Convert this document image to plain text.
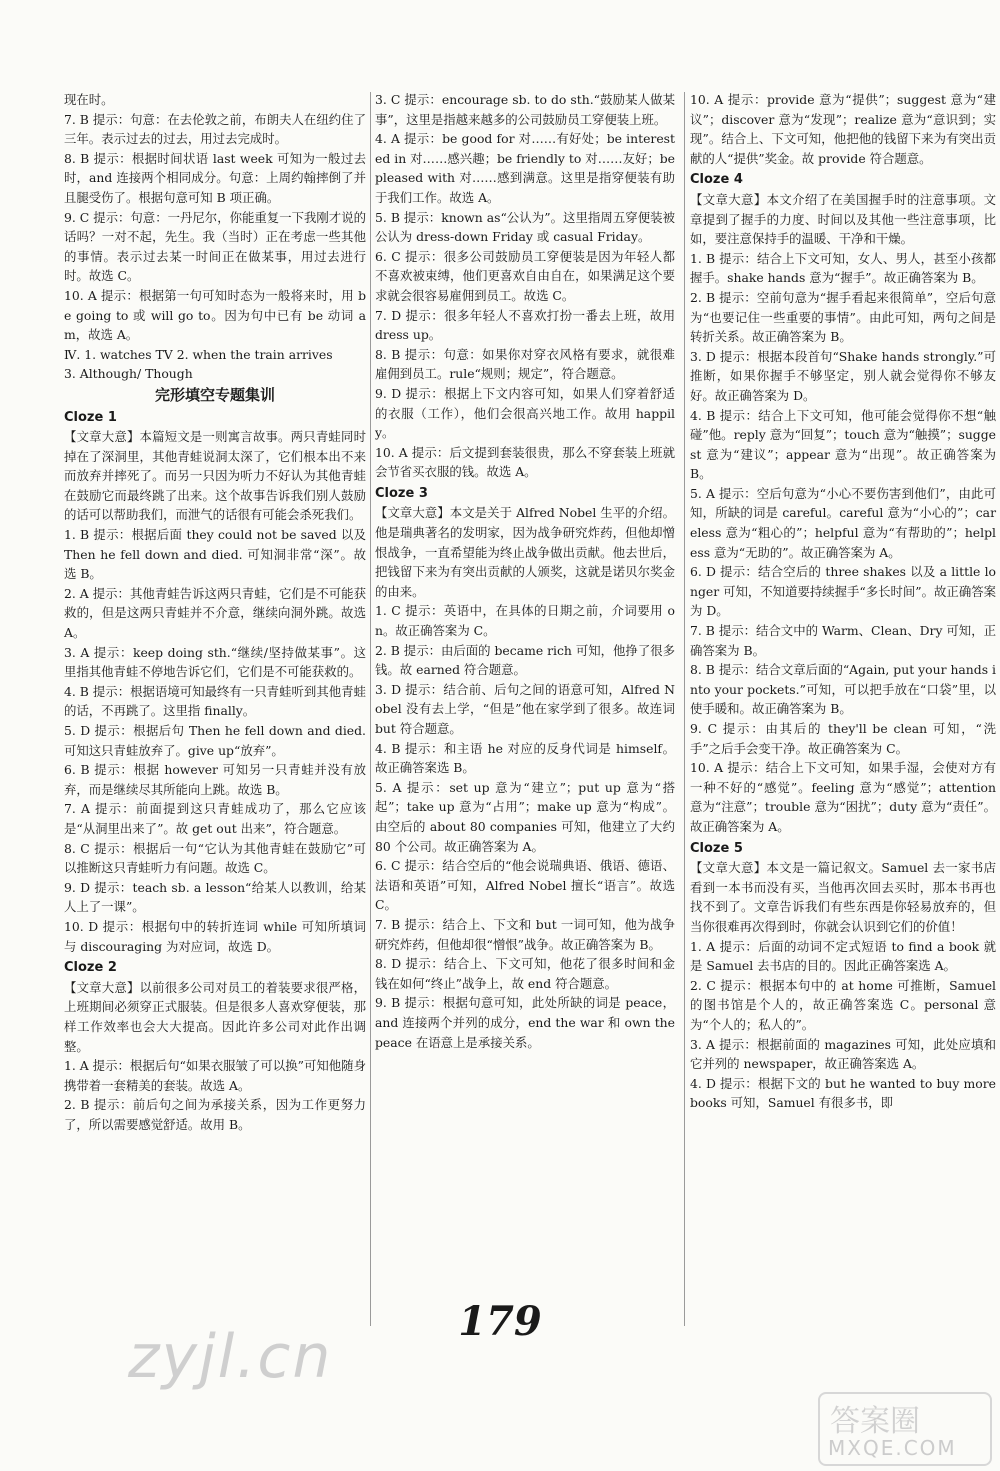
现在时。

7. B 提示：句意：在去伦敦之前，布朗夫人在纽约住了三年。表示过去的过去，用过去完成时。

8. B 提示：根据时间状语 last week 可知为一般过去时，and 连接两个相同成分。句意：上周约翰摔倒了并且腿受伤了。根据句意可知 B 项正确。

9. C 提示：句意：一丹尼尔，你能重复一下我刚才说的话吗？一对不起，先生。我（当时）正在考虑一些其他的事情。表示过去某一时间正在做某事，用过去进行时。故选 C。

10. A 提示：根据第一句可知时态为一般将来时，用 be going to 或 will go to。因为句中已有 be 动词 am，故选 A。

Ⅳ. 1. watches TV 2. when the train arrives

3. Although/ Though

完形填空专题集训
Cloze 1

【文章大意】本篇短文是一则寓言故事。两只青蛙同时掉在了深洞里，其他青蛙说洞太深了，它们根本出不来而放弃并摔死了。而另一只因为听力不好认为其他青蛙在鼓励它而最终跳了出来。这个故事告诉我们别人鼓励的话可以帮助我们，而泄气的话很有可能会杀死我们。

1. B 提示：根据后面 they could not be saved 以及 Then he fell down and died. 可知洞非常“深”。故选 B。

2. A 提示：其他青蛙告诉这两只青蛙，它们是不可能获救的，但是这两只青蛙并不介意，继续向洞外跳。故选 A。

3. A 提示：keep doing sth.“继续/坚持做某事”。这里指其他青蛙不停地告诉它们，它们是不可能获救的。

4. B 提示：根据语境可知最终有一只青蛙听到其他青蛙的话，不再跳了。这里指 finally。

5. D 提示：根据后句 Then he fell down and died. 可知这只青蛙放弃了。give up“放弃”。

6. B 提示：根据 however 可知另一只青蛙并没有放弃，而是继续尽其所能向上跳。故选 B。

7. A 提示：前面提到这只青蛙成功了，那么它应该是“从洞里出来了”。故 get out 出来”，符合题意。

8. C 提示：根据后一句“它认为其他青蛙在鼓励它”可以推断这只青蛙听力有问题。故选 C。

9. D 提示：teach sb. a lesson“给某人以教训，给某人上了一课”。

10. D 提示：根据句中的转折连词 while 可知所填词与 discouraging 为对应词，故选 D。

Cloze 2

【文章大意】以前很多公司对员工的着装要求很严格，上班期间必须穿正式服装。但是很多人喜欢穿便装，那样工作效率也会大大提高。因此许多公司对此作出调整。

1. A 提示：根据后句“如果衣服皱了可以换”可知他随身携带着一套精美的套装。故选 A。

2. B 提示：前后句之间为承接关系，因为工作更努力了，所以需要感觉舒适。故用 B。

3. C 提示：encourage sb. to do sth.“鼓励某人做某事”，这里是指越来越多的公司鼓励员工穿便装上班。

4. A 提示：be good for 对……有好处；be interested in 对……感兴趣；be friendly to 对……友好；be pleased with 对……感到满意。这里是指穿便装有助于我们工作。故选 A。

5. B 提示：known as“公认为”。这里指周五穿便装被公认为 dress-down Friday 或 casual Friday。

6. C 提示：很多公司鼓励员工穿便装是因为年轻人都不喜欢被束缚，他们更喜欢自由自在，如果满足这个要求就会很容易雇佣到员工。故选 C。

7. D 提示：很多年轻人不喜欢打扮一番去上班，故用 dress up。

8. B 提示：句意：如果你对穿衣风格有要求，就很难雇佣到员工。rule“规则；规定”，符合题意。

9. D 提示：根据上下文内容可知，如果人们穿着舒适的衣服（工作），他们会很高兴地工作。故用 happily。

10. A 提示：后文提到套装很贵，那么不穿套装上班就会节省买衣服的钱。故选 A。

Cloze 3

【文章大意】本文是关于 Alfred Nobel 生平的介绍。他是瑞典著名的发明家，因为战争研究炸药，但他却憎恨战争，一直希望能为终止战争做出贡献。他去世后，把钱留下来为有突出贡献的人颁奖，这就是诺贝尔奖金的由来。

1. C 提示：英语中，在具体的日期之前，介词要用 on。故正确答案为 C。

2. B 提示：由后面的 became rich 可知，他挣了很多钱。故 earned 符合题意。

3. D 提示：结合前、后句之间的语意可知，Alfred Nobel 没有去上学，“但是”他在家学到了很多。故连词 but 符合题意。

4. B 提示：和主语 he 对应的反身代词是 himself。故正确答案选 B。

5. A 提示：set up 意为“建立”；put up 意为“搭起”；take up 意为“占用”；make up 意为“构成”。由空后的 about 80 companies 可知，他建立了大约 80 个公司。故正确答案为 A。

6. C 提示：结合空后的“他会说瑞典语、俄语、德语、法语和英语”可知，Alfred Nobel 擅长“语言”。故选 C。

7. B 提示：结合上、下文和 but 一词可知，他为战争研究炸药，但他却很“憎恨”战争。故正确答案为 B。

8. D 提示：结合上、下文可知，他花了很多时间和金钱在如何“终止”战争上，故 end 符合题意。

9. B 提示：根据句意可知，此处所缺的词是 peace，and 连接两个并列的成分，end the war 和 own the peace 在语意上是承接关系。

10. A 提示：provide 意为“提供”；suggest 意为“建议”；discover 意为“发现”；realize 意为“意识到；实现”。结合上、下文可知，他把他的钱留下来为有突出贡献的人“提供”奖金。故 provide 符合题意。

Cloze 4

【文章大意】本文介绍了在美国握手时的注意事项。文章提到了握手的力度、时间以及其他一些注意事项，比如，要注意保持手的温暖、干净和干燥。

1. B 提示：结合上下文可知，女人、男人，甚至小孩都握手。shake hands 意为“握手”。故正确答案为 B。

2. B 提示：空前句意为“握手看起来很简单”，空后句意为“也要记住一些重要的事情”。由此可知，两句之间是转折关系。故正确答案为 B。

3. D 提示：根据本段首句“Shake hands strongly.”可推断，如果你握手不够坚定，别人就会觉得你不够友好。故正确答案为 D。

4. B 提示：结合上下文可知，他可能会觉得你不想“触碰”他。reply 意为“回复”；touch 意为“触摸”；suggest 意为“建议”；appear 意为“出现”。故正确答案为 B。

5. A 提示：空后句意为“小心不要伤害到他们”，由此可知，所缺的词是 careful。careful 意为“小心的”；careless 意为“粗心的”；helpful 意为“有帮助的”；helpless 意为“无助的”。故正确答案为 A。

6. D 提示：结合空后的 three shakes 以及 a little longer 可知，不知道要持续握手“多长时间”。故正确答案为 D。

7. B 提示：结合文中的 Warm、Clean、Dry 可知，正确答案为 B。

8. B 提示：结合文章后面的“Again, put your hands into your pockets.”可知，可以把手放在“口袋”里，以使手暖和。故正确答案为 B。

9. C 提示：由其后的 they'll be clean 可知，“洗手”之后手会变干净。故正确答案为 C。

10. A 提示：结合上下文可知，如果手湿，会使对方有一种不好的“感觉”。feeling 意为“感觉”；attention 意为“注意”；trouble 意为“困扰”；duty 意为“责任”。故正确答案为 A。

Cloze 5

【文章大意】本文是一篇记叙文。Samuel 去一家书店看到一本书而没有买，当他再次回去买时，那本书再也找不到了。文章告诉我们有些东西是你轻易放弃的，但当你很难再次得到时，你就会认识到它们的价值！

1. A 提示：后面的动词不定式短语 to find a book 就是 Samuel 去书店的目的。因此正确答案选 A。

2. C 提示：根据本句中的 at home 可推断，Samuel 的图书馆是个人的，故正确答案选 C。personal 意为“个人的；私人的”。

3. A 提示：根据前面的 magazines 可知，此处应填和它并列的 newspaper，故正确答案选 A。

4. D 提示：根据下文的 but he wanted to buy more books 可知，Samuel 有很多书，即

179
zyjl.cn
答案圈
MXQE.COM
